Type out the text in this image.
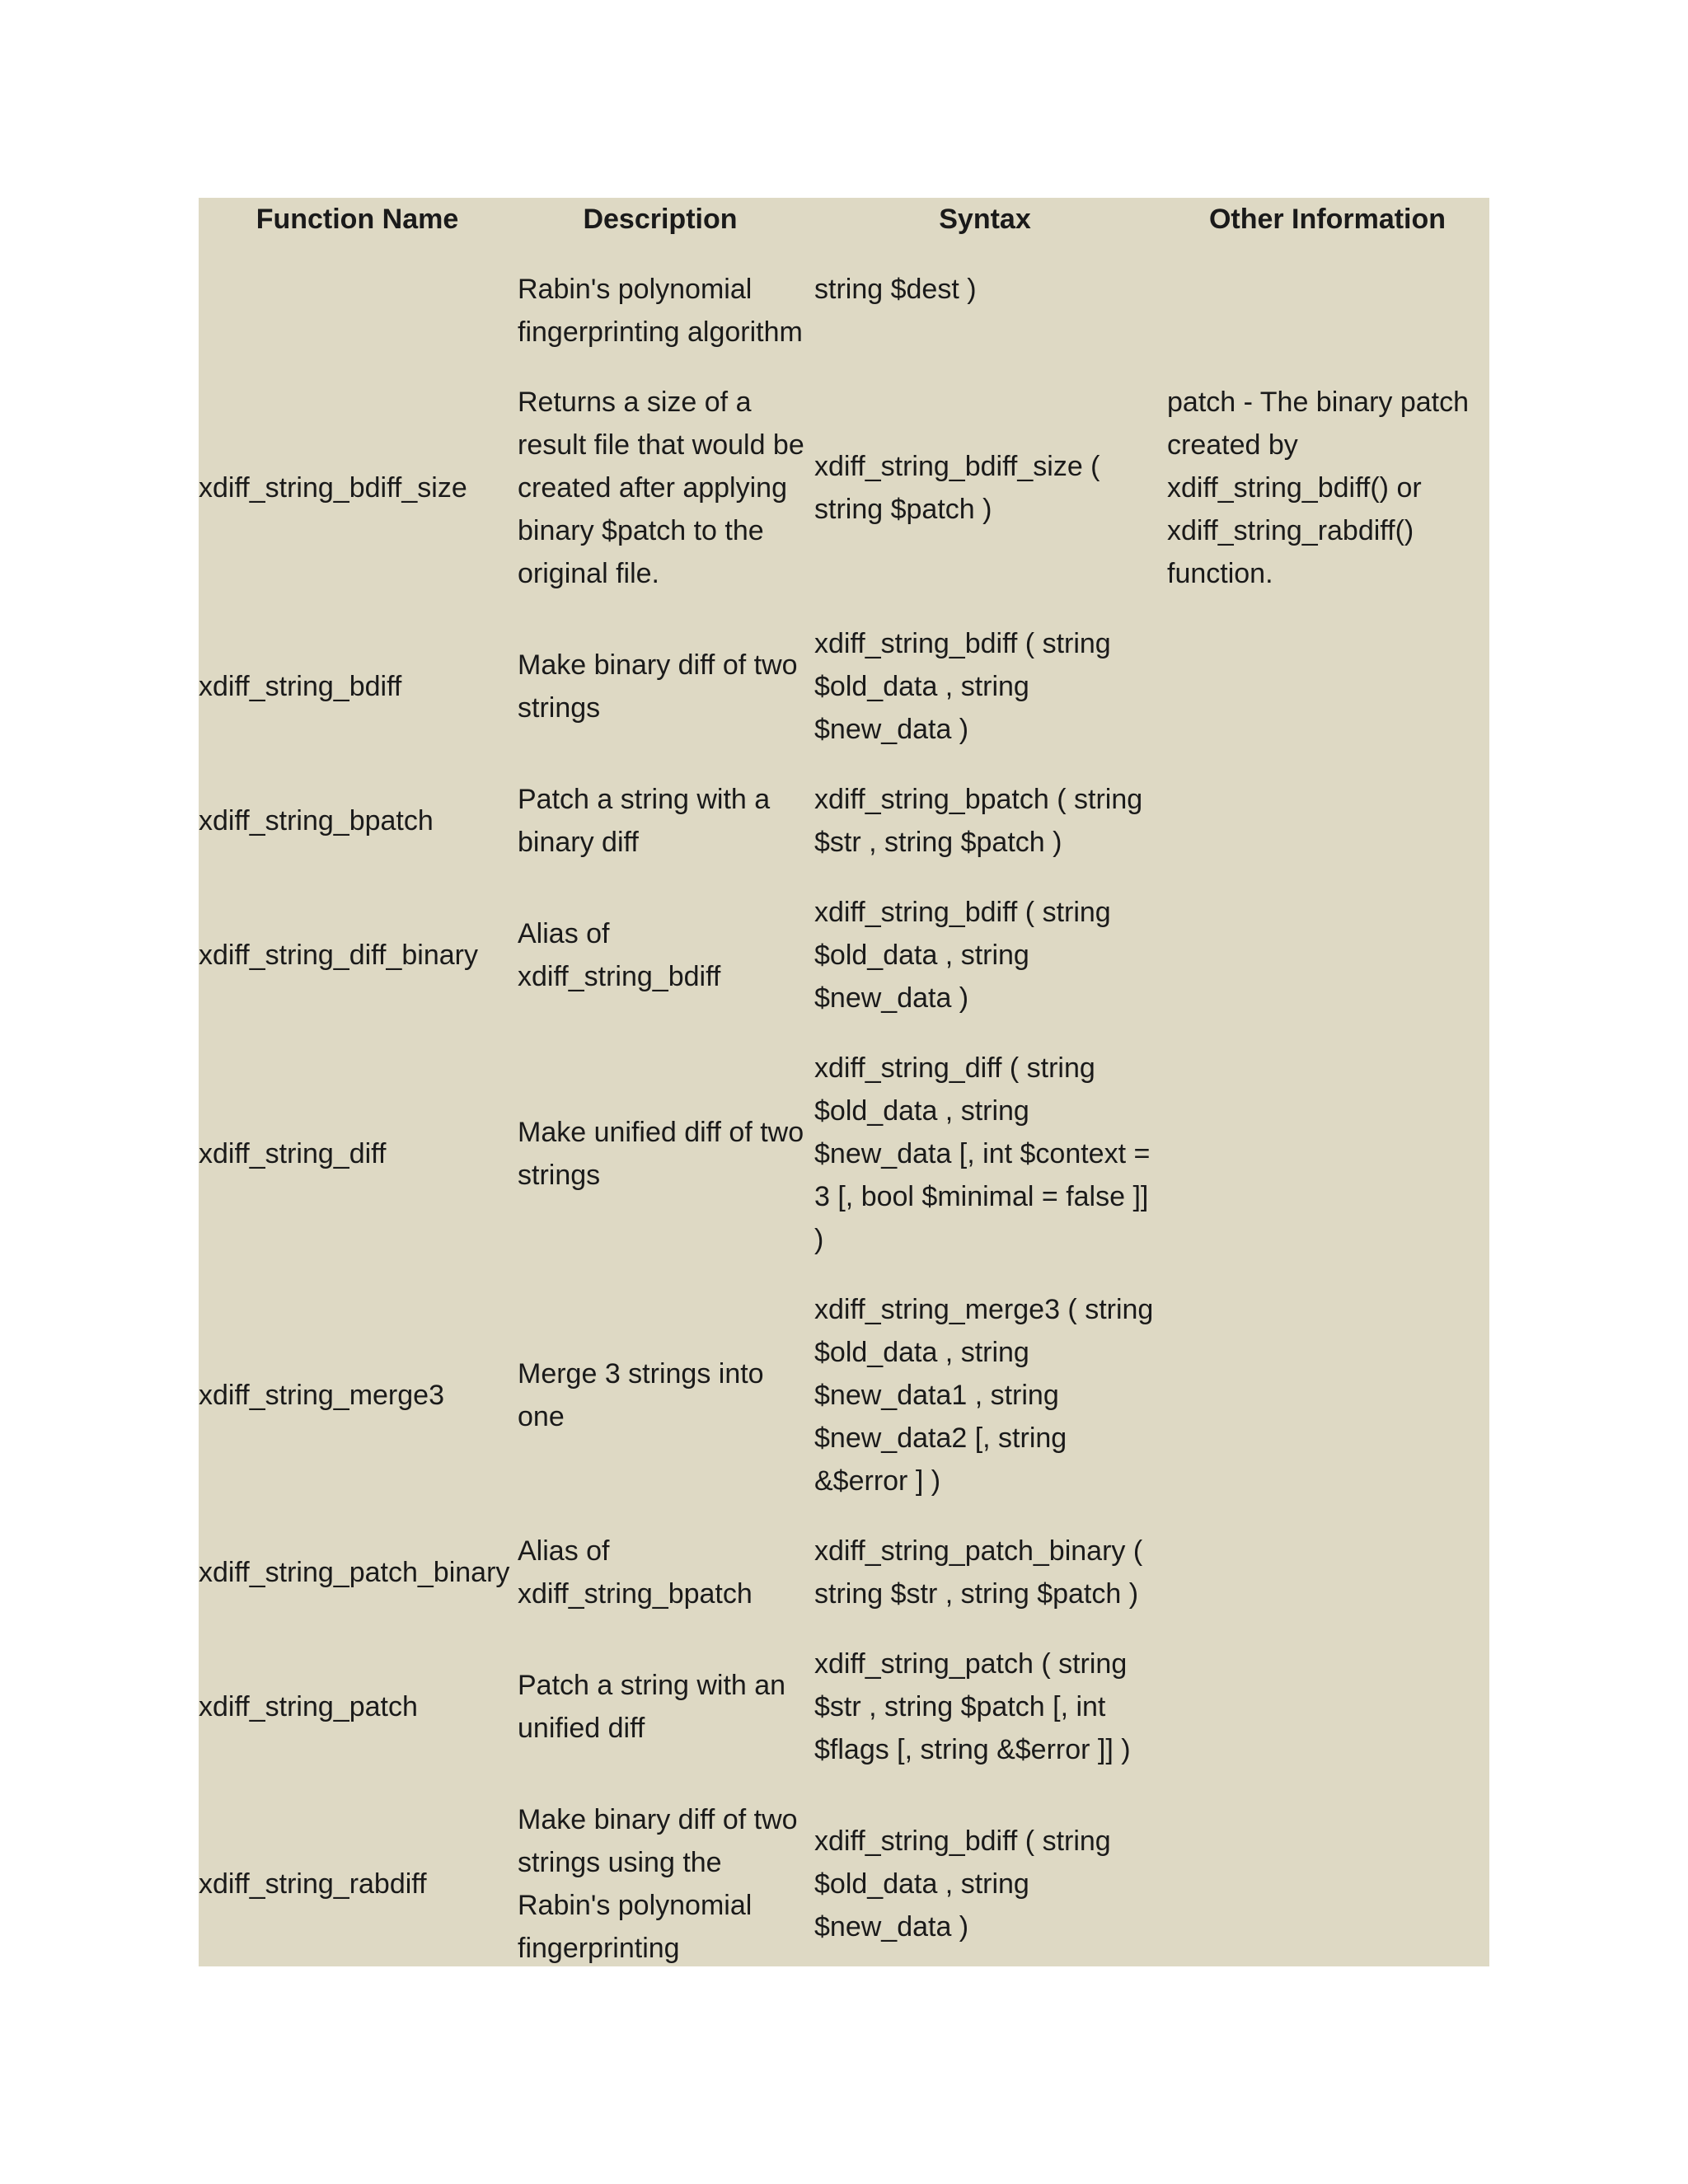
Function Name	Description	Syntax	Other Information

	Rabin's polynomial fingerprinting algorithm	string $dest )	

xdiff_string_bdiff_size	Returns a size of a result file that would be created after applying binary $patch to the original file.	xdiff_string_bdiff_size ( string $patch )	patch - The binary patch created by xdiff_string_bdiff() or xdiff_string_rabdiff() function.

xdiff_string_bdiff	Make binary diff of two strings	xdiff_string_bdiff ( string $old_data , string $new_data )	

xdiff_string_bpatch	Patch a string with a binary diff	xdiff_string_bpatch ( string $str , string $patch )	

xdiff_string_diff_binary	Alias of xdiff_string_bdiff	xdiff_string_bdiff ( string $old_data , string $new_data )	

xdiff_string_diff	Make unified diff of two strings	xdiff_string_diff ( string $old_data , string $new_data [, int $context = 3 [, bool $minimal = false ]] )	

xdiff_string_merge3	Merge 3 strings into one	xdiff_string_merge3 ( string $old_data , string $new_data1 , string $new_data2 [, string &$error ] )	

xdiff_string_patch_binary	Alias of xdiff_string_bpatch	xdiff_string_patch_binary ( string $str , string $patch )	

xdiff_string_patch	Patch a string with an unified diff	xdiff_string_patch ( string $str , string $patch [, int $flags [, string &$error ]] )	

xdiff_string_rabdiff	Make binary diff of two strings using the Rabin's polynomial fingerprinting	xdiff_string_bdiff ( string $old_data , string $new_data )	
